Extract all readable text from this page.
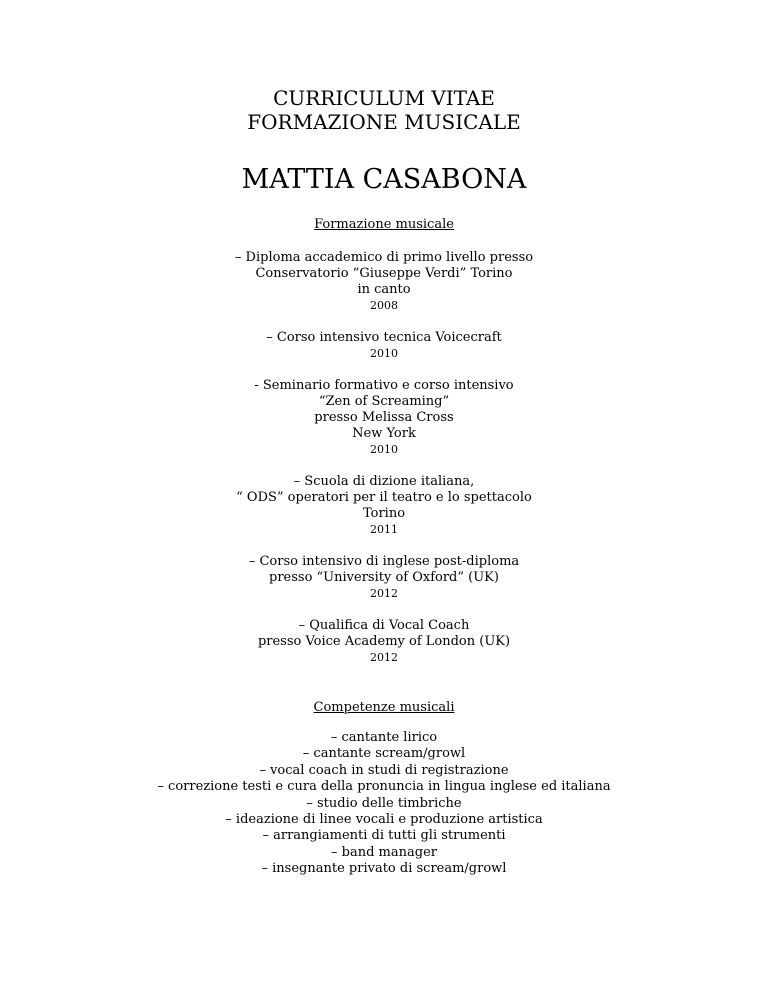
CURRICULUM VITAE
FORMAZIONE MUSICALE
MATTIA CASABONA
Formazione musicale
– Diploma accademico di primo livello presso
Conservatorio “Giuseppe Verdi” Torino
in canto
2008
– Corso intensivo tecnica Voicecraft
2010
- Seminario formativo e corso intensivo
“Zen of Screaming”
presso Melissa Cross
New York
2010
– Scuola di dizione italiana,
“ ODS” operatori per il teatro e lo spettacolo
Torino
2011
– Corso intensivo di inglese post-diploma
presso “University of Oxford” (UK)
2012
– Qualifica di Vocal Coach
presso Voice Academy of London (UK)
2012
Competenze musicali
– cantante lirico
– cantante scream/growl
– vocal coach in studi di registrazione
– correzione testi e cura della pronuncia in lingua inglese ed italiana
– studio delle timbriche
– ideazione di linee vocali e produzione artistica
– arrangiamenti di tutti gli strumenti
– band manager
– insegnante privato di scream/growl
